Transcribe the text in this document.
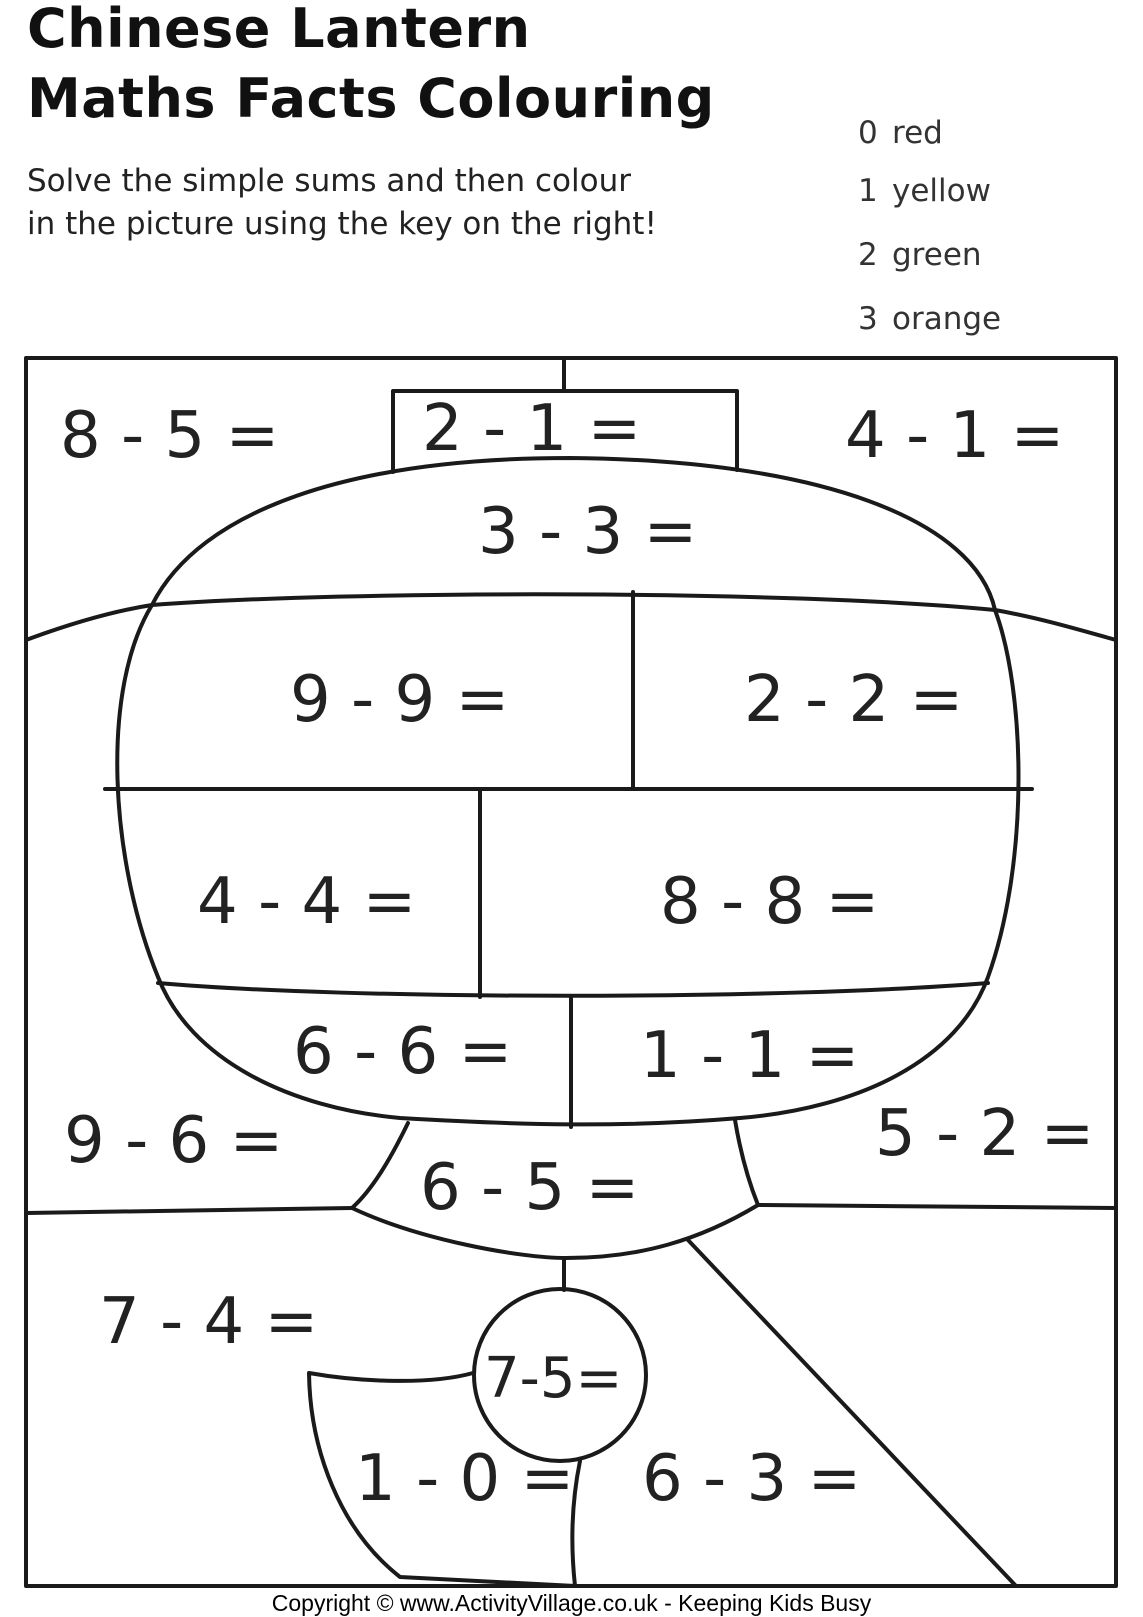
Chinese Lantern
Maths Facts Colouring
Solve the simple sums and then colour
in the picture using the key on the right!
0 red
1 yellow
2 green
3 orange
8 - 5 = 2 - 1 =	4 - 1 =
3 - 3 =
9 - 9 =	2 - 2 =
4 - 4 =	8 - 8 =
6 - 6 = 1 - 1 =
9 - 6 =	5 - 2 =
6 - 5 =
7 - 4 =
7-5=
1 - 0 = 6 - 3 =
Copyright © www.ActivityVillage.co.uk - Keeping Kids Busy
